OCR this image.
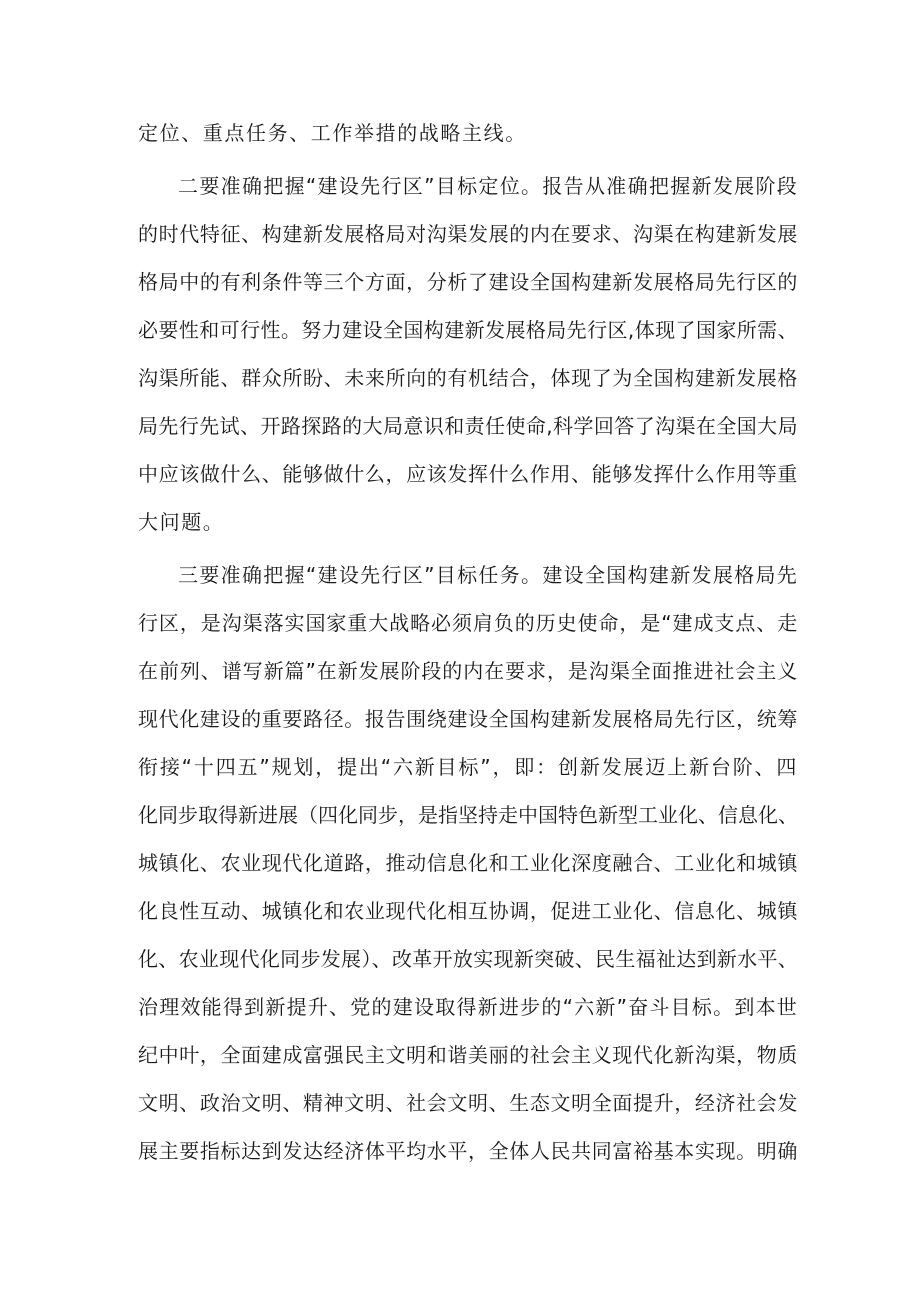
定位、重点任务、工作举措的战略主线。
二要准确把握“建设先行区”目标定位。报告从准确把握新发展阶段
的时代特征、构建新发展格局对沟渠发展的内在要求、沟渠在构建新发展
格局中的有利条件等三个方面，分析了建设全国构建新发展格局先行区的
必要性和可行性。努力建设全国构建新发展格局先行区,体现了国家所需、
沟渠所能、群众所盼、未来所向的有机结合，体现了为全国构建新发展格
局先行先试、开路探路的大局意识和责任使命,科学回答了沟渠在全国大局
中应该做什么、能够做什么，应该发挥什么作用、能够发挥什么作用等重
大问题。
三要准确把握“建设先行区”目标任务。建设全国构建新发展格局先
行区，是沟渠落实国家重大战略必须肩负的历史使命，是“建成支点、走
在前列、谱写新篇”在新发展阶段的内在要求，是沟渠全面推进社会主义
现代化建设的重要路径。报告围绕建设全国构建新发展格局先行区，统筹
衔接“十四五”规划，提出“六新目标”，即：创新发展迈上新台阶、四
化同步取得新进展（四化同步，是指坚持走中国特色新型工业化、信息化、
城镇化、农业现代化道路，推动信息化和工业化深度融合、工业化和城镇
化良性互动、城镇化和农业现代化相互协调，促进工业化、信息化、城镇
化、农业现代化同步发展）、改革开放实现新突破、民生福祉达到新水平、
治理效能得到新提升、党的建设取得新进步的“六新”奋斗目标。到本世
纪中叶，全面建成富强民主文明和谐美丽的社会主义现代化新沟渠，物质
文明、政治文明、精神文明、社会文明、生态文明全面提升，经济社会发
展主要指标达到发达经济体平均水平，全体人民共同富裕基本实现。明确
